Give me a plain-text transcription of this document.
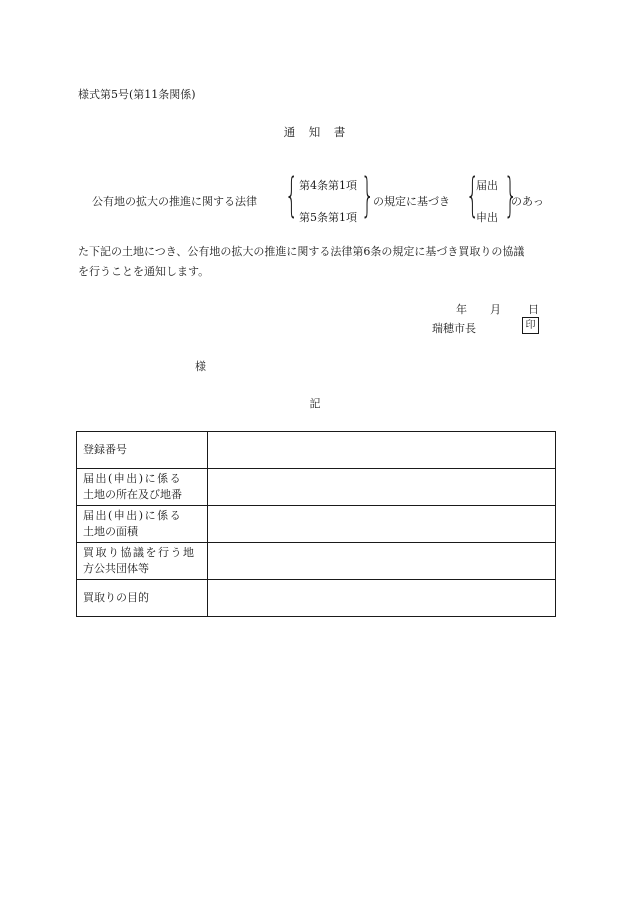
様式第5号(第11条関係)
通　知　書
公有地の拡大の推進に関する法律 { 第4条第1項
第5条第1項 }
の規定に基づき {
届出
申出 }
のあっ
た下記の土地につき、公有地の拡大の推進に関する法律第6条の規定に基づき買取りの協議
を行うことを通知します。
年 月 日
瑞穂市長	印
様
記
登録番号	

届出(申出)に係る
土地の所在及び地番	

届出(申出)に係る
土地の面積	

買取り協議を行う地
方公共団体等	

買取りの目的	
